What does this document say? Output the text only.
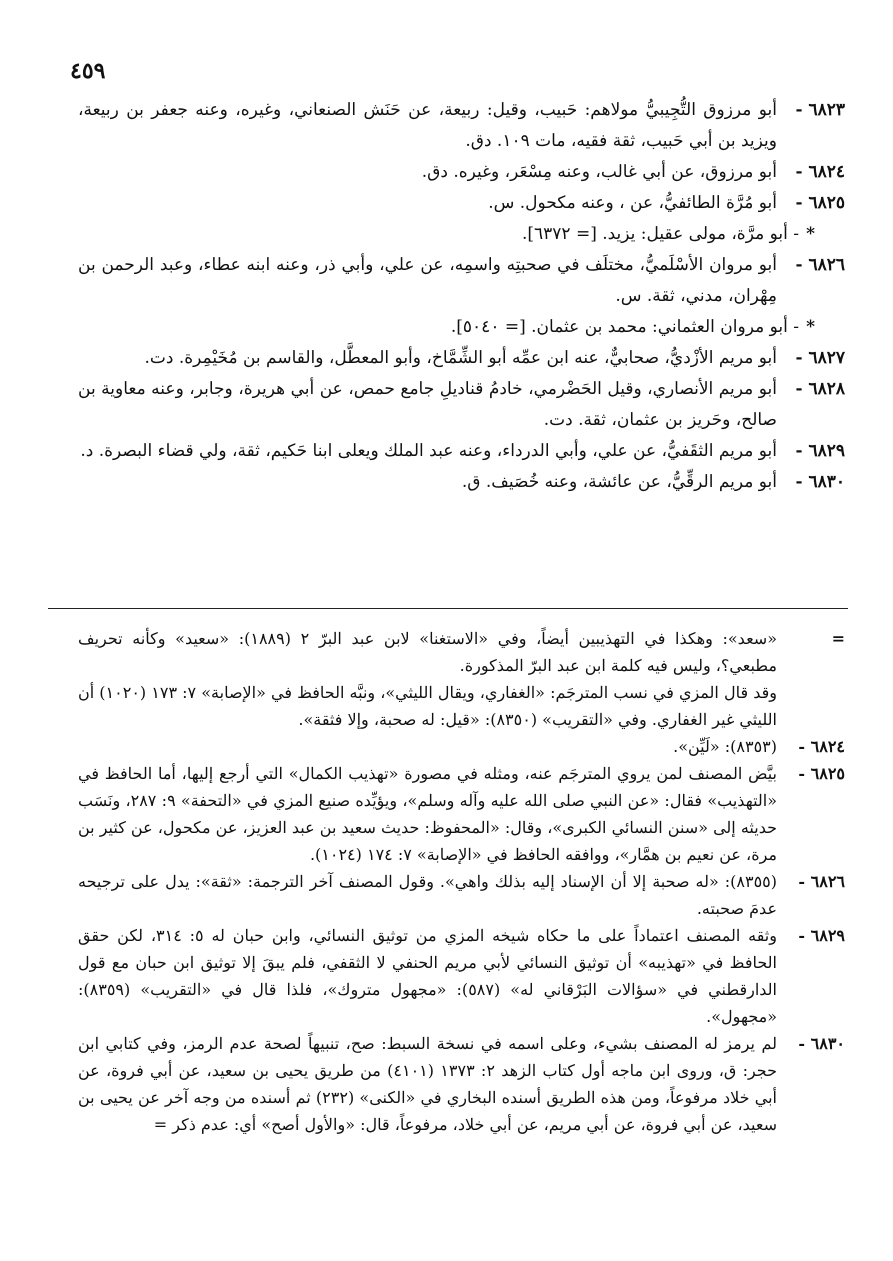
٤٥٩

٦٨٢٣ -
أبو مرزوق التُّجِيبيُّ مولاهم: حَبيب، وقيل: ربيعة، عن حَنَش الصنعاني، وغيره، وعنه جعفر بن ربيعة، ويزيد بن أبي حَبيب، ثقة فقيه، مات ١٠٩. دق.

٦٨٢٤ -
أبو مرزوق، عن أبي غالب، وعنه مِسْعَر، وغيره. دق.

٦٨٢٥ -
أبو مُرَّة الطائفيُّ، عن ، وعنه مكحول. س.

*
- أبو مرَّة، مولى عقيل: يزيد. [= ٦٣٧٢].

٦٨٢٦ -
أبو مروان الأسْلَميُّ، مختلَف في صحبتِه واسمِه، عن علي، وأبي ذر، وعنه ابنه عطاء، وعبد الرحمن بن مِهْران، مدني، ثقة. س.

*
- أبو مروان العثماني: محمد بن عثمان. [= ٥٠٤٠].

٦٨٢٧ -
أبو مريم الأزْديُّ، صحابيٌّ، عنه ابن عمِّه أبو الشِّمَّاخ، وأبو المعطَّل، والقاسم بن مُخَيْمِرة. دت.

٦٨٢٨ -
أبو مريم الأنصاري، وقيل الحَضْرمي، خادمُ قناديلِ جامع حمص، عن أبي هريرة، وجابر، وعنه معاوية بن صالح، وحَريز بن عثمان، ثقة. دت.

٦٨٢٩ -
أبو مريم الثقَفيُّ، عن علي، وأبي الدرداء، وعنه عبد الملك ويعلى ابنا حَكيم، ثقة، ولي قضاء البصرة. د.

٦٨٣٠ -
أبو مريم الرقِّيُّ، عن عائشة، وعنه خُصَيف. ق.

=
«سعد»: وهكذا في التهذيبين أيضاً، وفي «الاستغنا» لابن عبد البرّ ٢ (١٨٨٩): «سعيد» وكأنه تحريف مطبعي؟، وليس فيه كلمة ابن عبد البرّ المذكورة.

وقد قال المزي في نسب المترجَم: «الغفاري، ويقال الليثي»، ونبَّه الحافظ في «الإصابة» ٧: ١٧٣ (١٠٢٠) أن الليثي غير الغفاري. وفي «التقريب» (٨٣٥٠): «قيل: له صحبة، وإلا فثقة».

٦٨٢٤ -
(٨٣٥٣): «لَيِّن».

٦٨٢٥ -
بيَّض المصنف لمن يروي المترجَم عنه، ومثله في مصورة «تهذيب الكمال» التي أرجع إليها، أما الحافظ في «التهذيب» فقال: «عن النبي صلى الله عليه وآله وسلم»، ويؤيِّده صنيع المزي في «التحفة» ٩: ٢٨٧، ونَسَب حديثه إلى «سنن النسائي الكبرى»، وقال: «المحفوظ: حديث سعيد بن عبد العزيز، عن مكحول، عن كثير بن مرة، عن نعيم بن همَّار»، ووافقه الحافظ في «الإصابة» ٧: ١٧٤ (١٠٢٤).

٦٨٢٦ -
(٨٣٥٥): «له صحبة إلا أن الإسناد إليه بذلك واهي». وقول المصنف آخر الترجمة: «ثقة»: يدل على ترجيحه عدمَ صحبته.

٦٨٢٩ -
وثقه المصنف اعتماداً على ما حكاه شيخه المزي من توثيق النسائي، وابن حبان له ٥: ٣١٤، لكن حقق الحافظ في «تهذيبه» أن توثيق النسائي لأبي مريم الحنفي لا الثقفي، فلم يبقَ إلا توثيق ابن حبان مع قول الدارقطني في «سؤالات البَرْقاني له» (٥٨٧): «مجهول متروك»، فلذا قال في «التقريب» (٨٣٥٩): «مجهول».

٦٨٣٠ -
لم يرمز له المصنف بشيء، وعلى اسمه في نسخة السبط: صح، تنبيهاً لصحة عدم الرمز، وفي كتابي ابن حجر: ق، وروى ابن ماجه أول كتاب الزهد ٢: ١٣٧٣ (٤١٠١) من طريق يحيى بن سعيد، عن أبي فروة، عن أبي خلاد مرفوعاً، ومن هذه الطريق أسنده البخاري في «الكنى» (٢٣٢) ثم أسنده من وجه آخر عن يحيى بن سعيد، عن أبي فروة، عن أبي مريم، عن أبي خلاد، مرفوعاً، قال: «والأول أصح» أي: عدم ذكر =
